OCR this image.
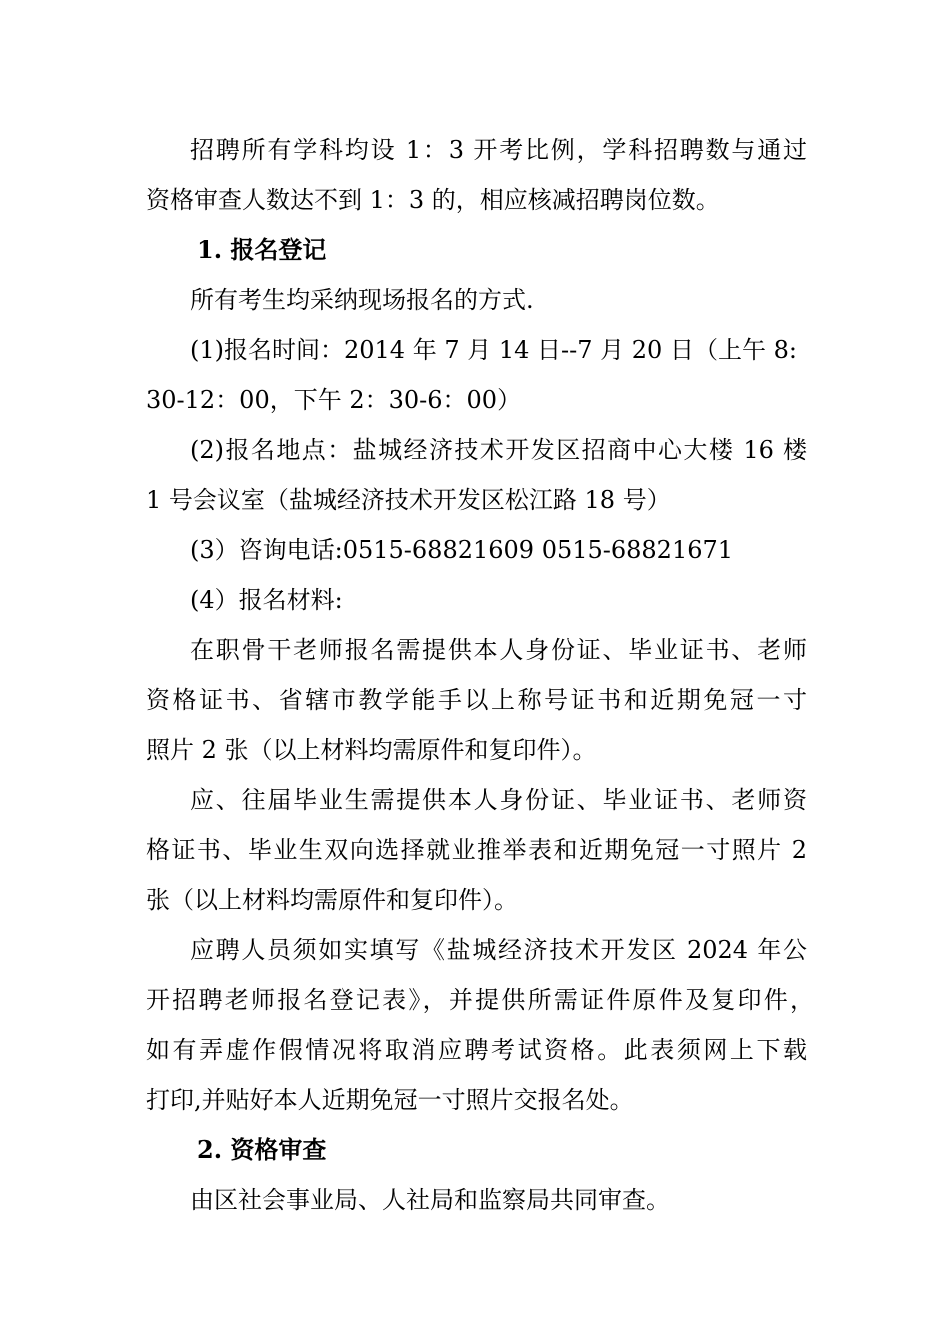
招聘所有学科均设 1：3 开考比例，学科招聘数与通过
资格审查人数达不到 1：3 的，相应核减招聘岗位数。
1. 报名登记
所有考生均采纳现场报名的方式.
(1)报名时间：2014 年 7 月 14 日--7 月 20 日（上午 8:
30-12：00，下午 2：30-6：00）
(2)报名地点：盐城经济技术开发区招商中心大楼 16 楼
1 号会议室（盐城经济技术开发区松江路 18 号）
(3）咨询电话:0515-68821609 0515-68821671
(4）报名材料:
在职骨干老师报名需提供本人身份证、毕业证书、老师
资格证书、省辖市教学能手以上称号证书和近期免冠一寸
照片 2 张（以上材料均需原件和复印件）。
应、往届毕业生需提供本人身份证、毕业证书、老师资
格证书、毕业生双向选择就业推举表和近期免冠一寸照片 2
张（以上材料均需原件和复印件）。
应聘人员须如实填写《盐城经济技术开发区 2024 年公
开招聘老师报名登记表》，并提供所需证件原件及复印件，
如有弄虚作假情况将取消应聘考试资格。此表须网上下载
打印,并贴好本人近期免冠一寸照片交报名处。
2. 资格审查
由区社会事业局、人社局和监察局共同审查。
